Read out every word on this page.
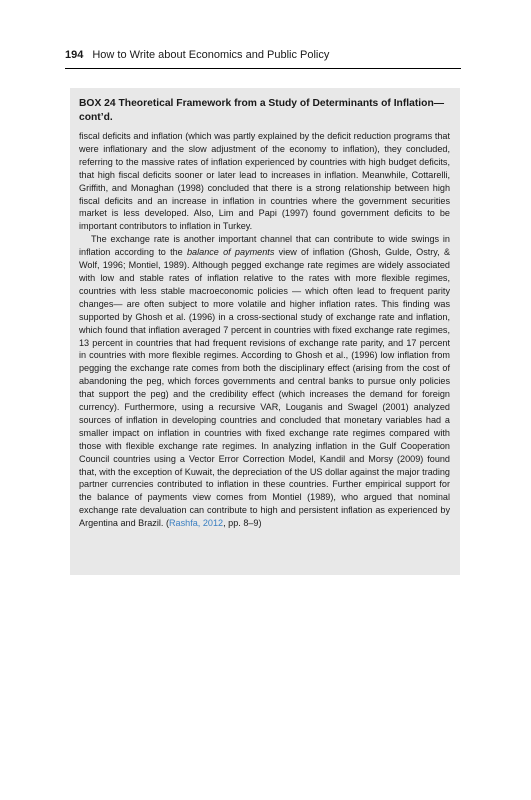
194 How to Write about Economics and Public Policy
BOX 24 Theoretical Framework from a Study of Determinants of Inflation—cont’d.

fiscal deficits and inflation (which was partly explained by the deficit reduction programs that were inflationary and the slow adjustment of the economy to inflation), they concluded, referring to the massive rates of inflation experienced by countries with high budget deficits, that high fiscal deficits sooner or later lead to increases in inflation. Meanwhile, Cottarelli, Griffith, and Monaghan (1998) concluded that there is a strong relationship between high fiscal deficits and an increase in inflation in countries where the government securities market is less developed. Also, Lim and Papi (1997) found government deficits to be important contributors to inflation in Turkey.

The exchange rate is another important channel that can contribute to wide swings in inflation according to the balance of payments view of inflation (Ghosh, Gulde, Ostry, & Wolf, 1996; Montiel, 1989). Although pegged exchange rate regimes are widely associated with low and stable rates of inflation relative to the rates with more flexible regimes, countries with less stable macroeconomic policies — which often lead to frequent parity changes— are often subject to more volatile and higher inflation rates. This finding was supported by Ghosh et al. (1996) in a cross-sectional study of exchange rate and inflation, which found that inflation averaged 7 percent in countries with fixed exchange rate regimes, 13 percent in countries that had frequent revisions of exchange rate parity, and 17 percent in countries with more flexible regimes. According to Ghosh et al., (1996) low inflation from pegging the exchange rate comes from both the disciplinary effect (arising from the cost of abandoning the peg, which forces governments and central banks to pursue only policies that support the peg) and the credibility effect (which increases the demand for foreign currency). Furthermore, using a recursive VAR, Louganis and Swagel (2001) analyzed sources of inflation in developing countries and concluded that monetary variables had a smaller impact on inflation in countries with fixed exchange rate regimes compared with those with flexible exchange rate regimes. In analyzing inflation in the Gulf Cooperation Council countries using a Vector Error Correction Model, Kandil and Morsy (2009) found that, with the exception of Kuwait, the depreciation of the US dollar against the major trading partner currencies contributed to inflation in these countries. Further empirical support for the balance of payments view comes from Montiel (1989), who argued that nominal exchange rate devaluation can contribute to high and persistent inflation as experienced by Argentina and Brazil. (Rashfa, 2012, pp. 8–9)
